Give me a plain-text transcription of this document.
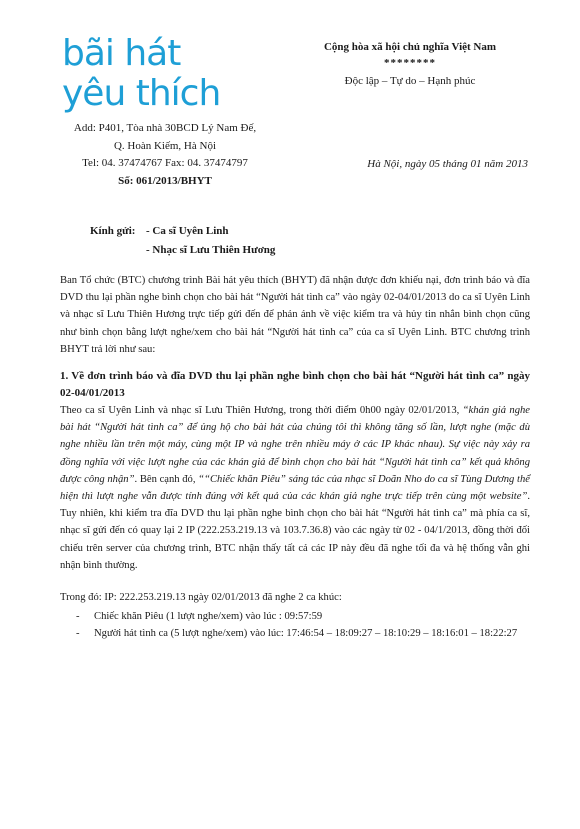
bãi hát
yêu thích
Cộng hòa xã hội chủ nghĩa Việt Nam
********
Độc lập – Tự do – Hạnh phúc
Add: P401, Tòa nhà 30BCD Lý Nam Đế,
Q. Hoàn Kiếm, Hà Nội
Tel: 04. 37474767 Fax: 04. 37474797
Số: 061/2013/BHYT
Hà Nội, ngày 05 tháng 01 năm 2013
Kính gửi: - Ca sĩ Uyên Linh
- Nhạc sĩ Lưu Thiên Hương

Ban Tổ chức (BTC) chương trình Bài hát yêu thích (BHYT) đã nhận được đơn khiếu nại, đơn trình báo và đĩa DVD thu lại phần nghe bình chọn cho bài hát “Người hát tình ca” vào ngày 02-04/01/2013 do ca sĩ Uyên Linh và nhạc sĩ Lưu Thiên Hương trực tiếp gửi đến để phản ánh về việc kiểm tra và hủy tin nhắn bình chọn cũng như bình chọn bằng lượt nghe/xem cho bài hát “Người hát tình ca” của ca sĩ Uyên Linh. BTC chương trình BHYT trả lời như sau:

1. Về đơn trình báo và đĩa DVD thu lại phần nghe bình chọn cho bài hát “Người hát tình ca” ngày 02-04/01/2013

Theo ca sĩ Uyên Linh và nhạc sĩ Lưu Thiên Hương, trong thời điểm 0h00 ngày 02/01/2013, “khán giả nghe bài hát “Người hát tình ca” để ủng hộ cho bài hát của chúng tôi thì không tăng số lần, lượt nghe (mặc dù nghe nhiều lần trên một máy, cùng một IP và nghe trên nhiều máy ở các IP khác nhau). Sự việc này xảy ra đồng nghĩa với việc lượt nghe của các khán giả để bình chọn cho bài hát “Người hát tình ca” kết quả không được công nhận”. Bên cạnh đó, ““Chiếc khăn Piêu” sáng tác của nhạc sĩ Doãn Nho do ca sĩ Tùng Dương thể hiện thì lượt nghe vẫn được tính đúng với kết quả của các khán giả nghe trực tiếp trên cùng một website”. Tuy nhiên, khi kiểm tra đĩa DVD thu lại phần nghe bình chọn cho bài hát “Người hát tình ca” mà phía ca sĩ, nhạc sĩ gửi đến có quay lại 2 IP (222.253.219.13 và 103.7.36.8) vào các ngày từ 02 - 04/1/2013, đồng thời đối chiếu trên server của chương trình, BTC nhận thấy tất cả các IP này đều đã nghe tối đa và hệ thống vẫn ghi nhận bình thường.

Trong đó: IP: 222.253.219.13 ngày 02/01/2013 đã nghe 2 ca khúc:

- Chiếc khăn Piêu (1 lượt nghe/xem) vào lúc : 09:57:59
- Người hát tình ca (5 lượt nghe/xem) vào lúc: 17:46:54 – 18:09:27 – 18:10:29 – 18:16:01 – 18:22:27
